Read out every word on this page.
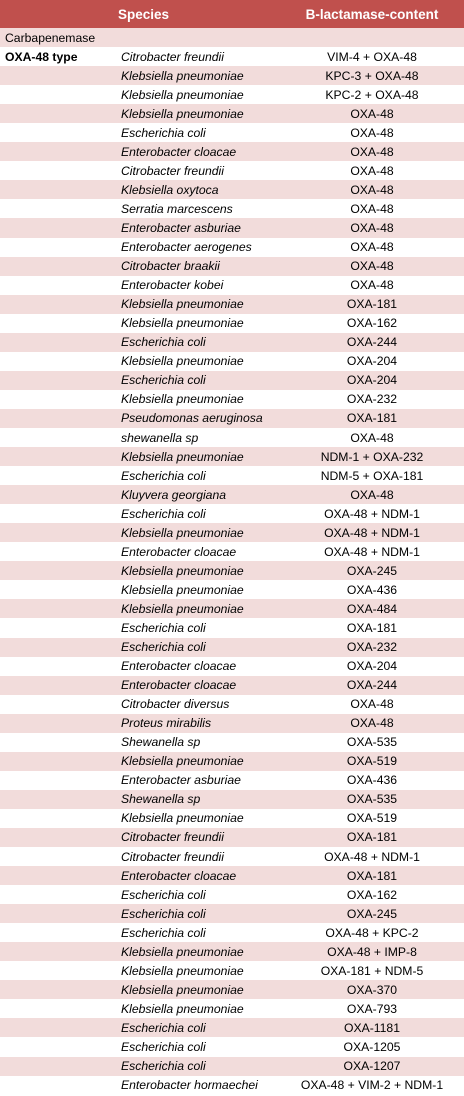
Species	B-lactamase-content
Carbapenemase
OXA-48 type	Citrobacter freundii	VIM-4 + OXA-48
Klebsiella pneumoniae	KPC-3 + OXA-48
Klebsiella pneumoniae	KPC-2 + OXA-48
Klebsiella pneumoniae	OXA-48
Escherichia coli	OXA-48
Enterobacter cloacae	OXA-48
Citrobacter freundii	OXA-48
Klebsiella oxytoca	OXA-48
Serratia marcescens	OXA-48
Enterobacter asburiae	OXA-48
Enterobacter aerogenes	OXA-48
Citrobacter braakii	OXA-48
Enterobacter kobei	OXA-48
Klebsiella pneumoniae	OXA-181
Klebsiella pneumoniae	OXA-162
Escherichia coli	OXA-244
Klebsiella pneumoniae	OXA-204
Escherichia coli	OXA-204
Klebsiella pneumoniae	OXA-232
Pseudomonas aeruginosa	OXA-181
shewanella sp	OXA-48
Klebsiella pneumoniae	NDM-1 + OXA-232
Escherichia coli	NDM-5 + OXA-181
Kluyvera georgiana	OXA-48
Escherichia coli	OXA-48 + NDM-1
Klebsiella pneumoniae	OXA-48 + NDM-1
Enterobacter cloacae	OXA-48 + NDM-1
Klebsiella pneumoniae	OXA-245
Klebsiella pneumoniae	OXA-436
Klebsiella pneumoniae	OXA-484
Escherichia coli	OXA-181
Escherichia coli	OXA-232
Enterobacter cloacae	OXA-204
Enterobacter cloacae	OXA-244
Citrobacter diversus	OXA-48
Proteus mirabilis	OXA-48
Shewanella sp	OXA-535
Klebsiella pneumoniae	OXA-519
Enterobacter asburiae	OXA-436
Shewanella sp	OXA-535
Klebsiella pneumoniae	OXA-519
Citrobacter freundii	OXA-181
Citrobacter freundii	OXA-48 + NDM-1
Enterobacter cloacae	OXA-181
Escherichia coli	OXA-162
Escherichia coli	OXA-245
Escherichia coli	OXA-48 + KPC-2
Klebsiella pneumoniae	OXA-48 + IMP-8
Klebsiella pneumoniae	OXA-181 + NDM-5
Klebsiella pneumoniae	OXA-370
Klebsiella pneumoniae	OXA-793
Escherichia coli	OXA-1181
Escherichia coli	OXA-1205
Escherichia coli	OXA-1207
Enterobacter hormaechei	OXA-48 + VIM-2 + NDM-1
